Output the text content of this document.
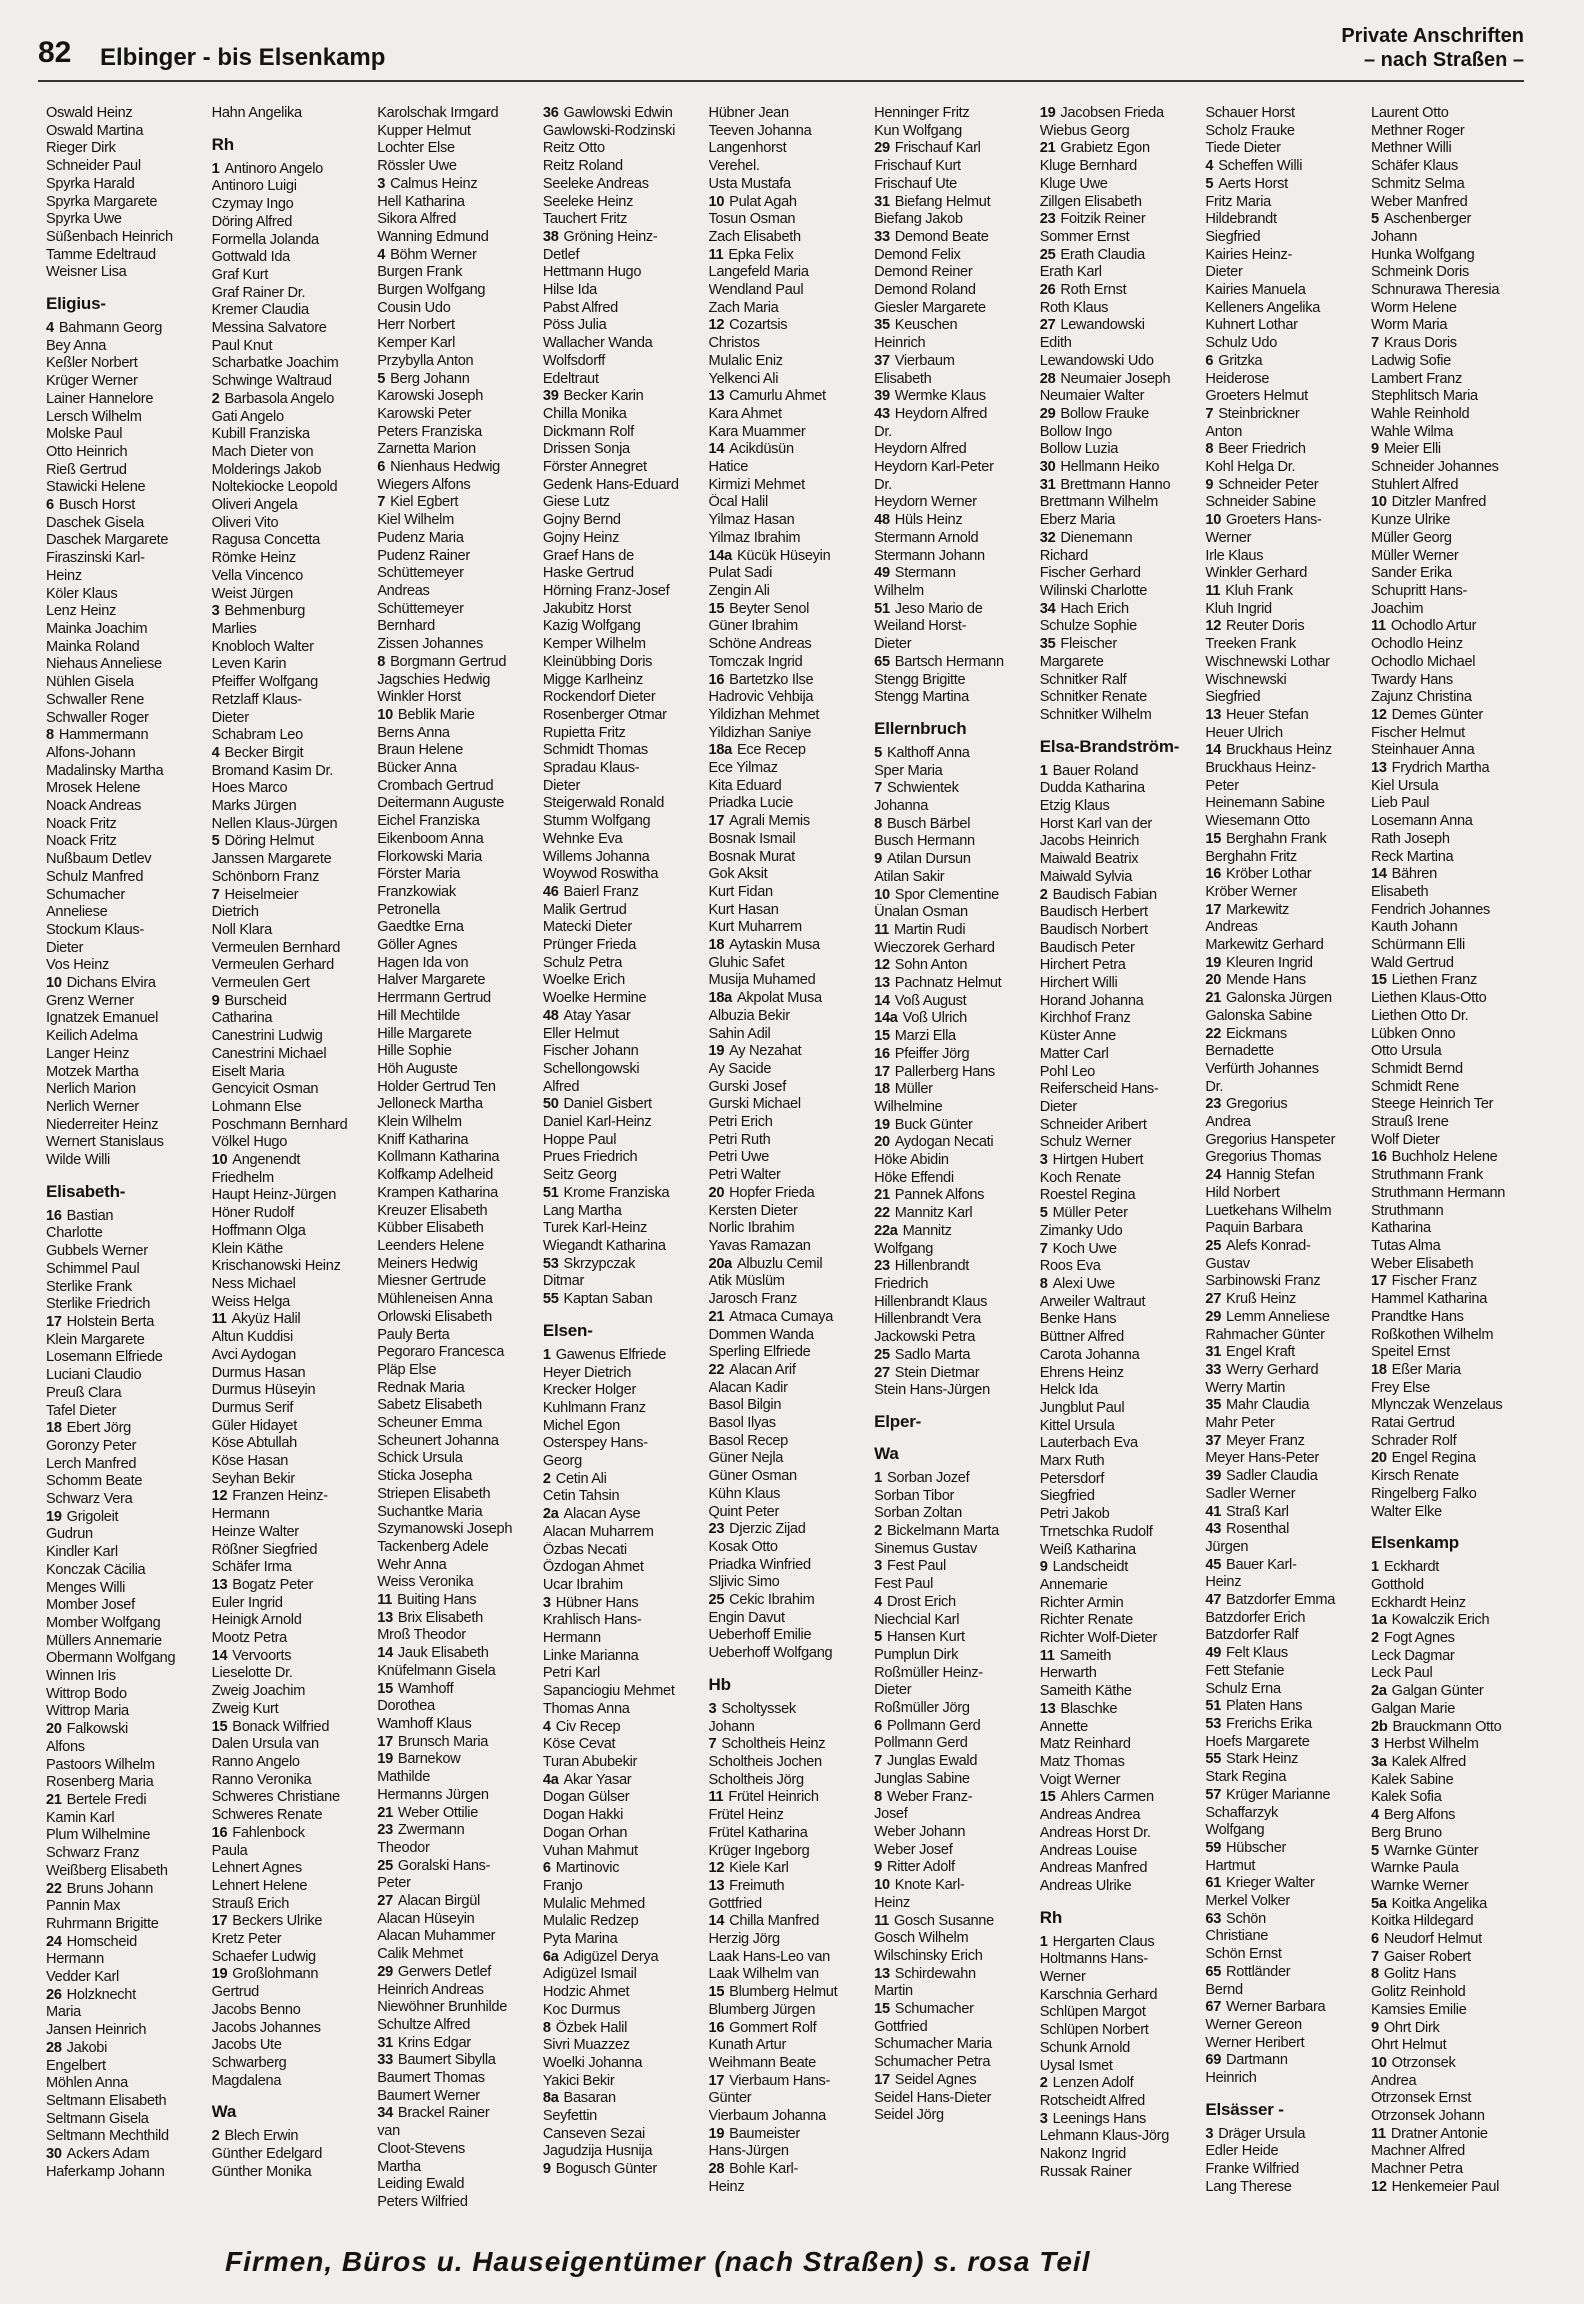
82 Elbinger - bis Elsenkamp
Private Anschriften
– nach Straßen –
Oswald Heinz
Oswald Martina
Rieger Dirk
Schneider Paul
Spyrka Harald
Spyrka Margarete
Spyrka Uwe
Süßenbach Heinrich
Tamme Edeltraud
Weisner Lisa
Eligius-
4 Bahmann Georg
Bey Anna
Keßler Norbert
Krüger Werner
Lainer Hannelore
Lersch Wilhelm
Molske Paul
Otto Heinrich
Rieß Gertrud
Stawicki Helene
6 Busch Horst
Daschek Gisela
Daschek Margarete
Firaszinski Karl-
Heinz
Köler Klaus
Lenz Heinz
Mainka Joachim
Mainka Roland
Niehaus Anneliese
Nühlen Gisela
Schwaller Rene
Schwaller Roger
8 Hammermann
Alfons-Johann
Madalinsky Martha
Mrosek Helene
Noack Andreas
Noack Fritz
Noack Fritz
Nußbaum Detlev
Schulz Manfred
Schumacher
Anneliese
Stockum Klaus-
Dieter
Vos Heinz
10 Dichans Elvira
Grenz Werner
Ignatzek Emanuel
Keilich Adelma
Langer Heinz
Motzek Martha
Nerlich Marion
Nerlich Werner
Niederreiter Heinz
Wernert Stanislaus
Wilde Willi
Elisabeth-
16 Bastian
Charlotte
Gubbels Werner
Schimmel Paul
Sterlike Frank
Sterlike Friedrich
17 Holstein Berta
Klein Margarete
Losemann Elfriede
Luciani Claudio
Preuß Clara
Tafel Dieter
18 Ebert Jörg
Goronzy Peter
Lerch Manfred
Schomm Beate
Schwarz Vera
19 Grigoleit
Gudrun
Kindler Karl
Konczak Cäcilia
Menges Willi
Momber Josef
Momber Wolfgang
Müllers Annemarie
Obermann Wolfgang
Winnen Iris
Wittrop Bodo
Wittrop Maria
20 Falkowski
Alfons
Pastoors Wilhelm
Rosenberg Maria
21 Bertele Fredi
Kamin Karl
Plum Wilhelmine
Schwarz Franz
Weißberg Elisabeth
22 Bruns Johann
Pannin Max
Ruhrmann Brigitte
24 Homscheid
Hermann
Vedder Karl
26 Holzknecht
Maria
Jansen Heinrich
28 Jakobi
Engelbert
Möhlen Anna
Seltmann Elisabeth
Seltmann Gisela
Seltmann Mechthild
30 Ackers Adam
Haferkamp Johann
Hahn Angelika
Rh
1 Antinoro Angelo
Antinoro Luigi
Czymay Ingo
Döring Alfred
Formella Jolanda
Gottwald Ida
Graf Kurt
Graf Rainer Dr.
Kremer Claudia
Messina Salvatore
Paul Knut
Scharbatke Joachim
Schwinge Waltraud
2 Barbasola Angelo
Gati Angelo
Kubill Franziska
Mach Dieter von
Molderings Jakob
Noltekiocke Leopold
Oliveri Angela
Oliveri Vito
Ragusa Concetta
Römke Heinz
Vella Vincenco
Weist Jürgen
3 Behmenburg
Marlies
Knobloch Walter
Leven Karin
Pfeiffer Wolfgang
Retzlaff Klaus-
Dieter
Schabram Leo
4 Becker Birgit
Bromand Kasim Dr.
Hoes Marco
Marks Jürgen
Nellen Klaus-Jürgen
5 Döring Helmut
Janssen Margarete
Schönborn Franz
7 Heiselmeier
Dietrich
Noll Klara
Vermeulen Bernhard
Vermeulen Gerhard
Vermeulen Gert
9 Burscheid
Catharina
Canestrini Ludwig
Canestrini Michael
Eiselt Maria
Gencyicit Osman
Lohmann Else
Poschmann Bernhard
Völkel Hugo
10 Angenendt
Friedhelm
Haupt Heinz-Jürgen
Höner Rudolf
Hoffmann Olga
Klein Käthe
Krischanowski Heinz
Ness Michael
Weiss Helga
11 Akyüz Halil
Altun Kuddisi
Avci Aydogan
Durmus Hasan
Durmus Hüseyin
Durmus Serif
Güler Hidayet
Köse Abtullah
Köse Hasan
Seyhan Bekir
12 Franzen Heinz-
Hermann
Heinze Walter
Rößner Siegfried
Schäfer Irma
13 Bogatz Peter
Euler Ingrid
Heinigk Arnold
Mootz Petra
14 Vervoorts
Lieselotte Dr.
Zweig Joachim
Zweig Kurt
15 Bonack Wilfried
Dalen Ursula van
Ranno Angelo
Ranno Veronika
Schweres Christiane
Schweres Renate
16 Fahlenbock
Paula
Lehnert Agnes
Lehnert Helene
Strauß Erich
17 Beckers Ulrike
Kretz Peter
Schaefer Ludwig
19 Großlohmann
Gertrud
Jacobs Benno
Jacobs Johannes
Jacobs Ute
Schwarberg
Magdalena
Wa
2 Blech Erwin
Günther Edelgard
Günther Monika
Karolschak Irmgard
Kupper Helmut
Lochter Else
Rössler Uwe
3 Calmus Heinz
Hell Katharina
Sikora Alfred
Wanning Edmund
4 Böhm Werner
Burgen Frank
Burgen Wolfgang
Cousin Udo
Herr Norbert
Kemper Karl
Przybylla Anton
5 Berg Johann
Karowski Joseph
Karowski Peter
Peters Franziska
Zarnetta Marion
6 Nienhaus Hedwig
Wiegers Alfons
7 Kiel Egbert
Kiel Wilhelm
Pudenz Maria
Pudenz Rainer
Schüttemeyer
Andreas
Schüttemeyer
Bernhard
Zissen Johannes
8 Borgmann Gertrud
Jagschies Hedwig
Winkler Horst
10 Beblik Marie
Berns Anna
Braun Helene
Bücker Anna
Crombach Gertrud
Deitermann Auguste
Eichel Franziska
Eikenboom Anna
Florkowski Maria
Förster Maria
Franzkowiak
Petronella
Gaedtke Erna
Göller Agnes
Hagen Ida von
Halver Margarete
Herrmann Gertrud
Hill Mechtilde
Hille Margarete
Hille Sophie
Höh Auguste
Holder Gertrud Ten
Jelloneck Martha
Klein Wilhelm
Kniff Katharina
Kollmann Katharina
Kolfkamp Adelheid
Krampen Katharina
Kreuzer Elisabeth
Kübber Elisabeth
Leenders Helene
Meiners Hedwig
Miesner Gertrude
Mühleneisen Anna
Orlowski Elisabeth
Pauly Berta
Pegoraro Francesca
Pläp Else
Rednak Maria
Sabetz Elisabeth
Scheuner Emma
Scheunert Johanna
Schick Ursula
Sticka Josepha
Striepen Elisabeth
Suchantke Maria
Szymanowski Joseph
Tackenberg Adele
Wehr Anna
Weiss Veronika
11 Buiting Hans
13 Brix Elisabeth
Mroß Theodor
14 Jauk Elisabeth
Knüfelmann Gisela
15 Wamhoff
Dorothea
Wamhoff Klaus
17 Brunsch Maria
19 Barnekow
Mathilde
Hermanns Jürgen
21 Weber Ottilie
23 Zwermann
Theodor
25 Goralski Hans-
Peter
27 Alacan Birgül
Alacan Hüseyin
Alacan Muhammer
Calik Mehmet
29 Gerwers Detlef
Heinrich Andreas
Niewöhner Brunhilde
Schultze Alfred
31 Krins Edgar
33 Baumert Sibylla
Baumert Thomas
Baumert Werner
34 Brackel Rainer
van
Cloot-Stevens
Martha
Leiding Ewald
Peters Wilfried
36 Gawlowski Edwin
Gawlowski-Rodzinski
Reitz Otto
Reitz Roland
Seeleke Andreas
Seeleke Heinz
Tauchert Fritz
38 Gröning Heinz-
Detlef
Hettmann Hugo
Hilse Ida
Pabst Alfred
Pöss Julia
Wallacher Wanda
Wolfsdorff
Edeltraut
39 Becker Karin
Chilla Monika
Dickmann Rolf
Drissen Sonja
Förster Annegret
Gedenk Hans-Eduard
Giese Lutz
Gojny Bernd
Gojny Heinz
Graef Hans de
Haske Gertrud
Hörning Franz-Josef
Jakubitz Horst
Kazig Wolfgang
Kemper Wilhelm
Kleinübbing Doris
Migge Karlheinz
Rockendorf Dieter
Rosenberger Otmar
Rupietta Fritz
Schmidt Thomas
Spradau Klaus-
Dieter
Steigerwald Ronald
Stumm Wolfgang
Wehnke Eva
Willems Johanna
Woywod Roswitha
46 Baierl Franz
Malik Gertrud
Matecki Dieter
Prünger Frieda
Schulz Petra
Woelke Erich
Woelke Hermine
48 Atay Yasar
Eller Helmut
Fischer Johann
Schellongowski
Alfred
50 Daniel Gisbert
Daniel Karl-Heinz
Hoppe Paul
Prues Friedrich
Seitz Georg
51 Krome Franziska
Lang Martha
Turek Karl-Heinz
Wiegandt Katharina
53 Skrzypczak
Ditmar
55 Kaptan Saban
Elsen-
1 Gawenus Elfriede
Heyer Dietrich
Krecker Holger
Kuhlmann Franz
Michel Egon
Osterspey Hans-
Georg
2 Cetin Ali
Cetin Tahsin
2a Alacan Ayse
Alacan Muharrem
Özbas Necati
Özdogan Ahmet
Ucar Ibrahim
3 Hübner Hans
Krahlisch Hans-
Hermann
Linke Marianna
Petri Karl
Sapanciogiu Mehmet
Thomas Anna
4 Civ Recep
Köse Cevat
Turan Abubekir
4a Akar Yasar
Dogan Gülser
Dogan Hakki
Dogan Orhan
Vuhan Mahmut
6 Martinovic
Franjo
Mulalic Mehmed
Mulalic Redzep
Pyta Marina
6a Adigüzel Derya
Adigüzel Ismail
Hodzic Ahmet
Koc Durmus
8 Özbek Halil
Sivri Muazzez
Woelki Johanna
Yakici Bekir
8a Basaran
Seyfettin
Canseven Sezai
Jagudzija Husnija
9 Bogusch Günter
Hübner Jean
Teeven Johanna
Langenhorst
Verehel.
Usta Mustafa
10 Pulat Agah
Tosun Osman
Zach Elisabeth
11 Epka Felix
Langefeld Maria
Wendland Paul
Zach Maria
12 Cozartsis
Christos
Mulalic Eniz
Yelkenci Ali
13 Camurlu Ahmet
Kara Ahmet
Kara Muammer
14 Acikdüsün
Hatice
Kirmizi Mehmet
Öcal Halil
Yilmaz Hasan
Yilmaz Ibrahim
14a Kücük Hüseyin
Pulat Sadi
Zengin Ali
15 Beyter Senol
Güner Ibrahim
Schöne Andreas
Tomczak Ingrid
16 Bartetzko Ilse
Hadrovic Vehbija
Yildizhan Mehmet
Yildizhan Saniye
18a Ece Recep
Ece Yilmaz
Kita Eduard
Priadka Lucie
17 Agrali Memis
Bosnak Ismail
Bosnak Murat
Gok Aksit
Kurt Fidan
Kurt Hasan
Kurt Muharrem
18 Aytaskin Musa
Gluhic Safet
Musija Muhamed
18a Akpolat Musa
Albuzia Bekir
Sahin Adil
19 Ay Nezahat
Ay Sacide
Gurski Josef
Gurski Michael
Petri Erich
Petri Ruth
Petri Uwe
Petri Walter
20 Hopfer Frieda
Kersten Dieter
Norlic Ibrahim
Yavas Ramazan
20a Albuzlu Cemil
Atik Müslüm
Jarosch Franz
21 Atmaca Cumaya
Dommen Wanda
Sperling Elfriede
22 Alacan Arif
Alacan Kadir
Basol Bilgin
Basol Ilyas
Basol Recep
Güner Nejla
Güner Osman
Kühn Klaus
Quint Peter
23 Djerzic Zijad
Kosak Otto
Priadka Winfried
Sljivic Simo
25 Cekic Ibrahim
Engin Davut
Ueberhoff Emilie
Ueberhoff Wolfgang
Hb
3 Scholtyssek
Johann
7 Scholtheis Heinz
Scholtheis Jochen
Scholtheis Jörg
11 Frütel Heinrich
Frütel Heinz
Frütel Katharina
Krüger Ingeborg
12 Kiele Karl
13 Freimuth
Gottfried
14 Chilla Manfred
Herzig Jörg
Laak Hans-Leo van
Laak Wilhelm van
15 Blumberg Helmut
Blumberg Jürgen
16 Gommert Rolf
Kunath Artur
Weihmann Beate
17 Vierbaum Hans-
Günter
Vierbaum Johanna
19 Baumeister
Hans-Jürgen
28 Bohle Karl-
Heinz
Henninger Fritz
Kun Wolfgang
29 Frischauf Karl
Frischauf Kurt
Frischauf Ute
31 Biefang Helmut
Biefang Jakob
33 Demond Beate
Demond Felix
Demond Reiner
Demond Roland
Giesler Margarete
35 Keuschen
Heinrich
37 Vierbaum
Elisabeth
39 Wermke Klaus
43 Heydorn Alfred
Dr.
Heydorn Alfred
Heydorn Karl-Peter
Dr.
Heydorn Werner
48 Hüls Heinz
Stermann Arnold
Stermann Johann
49 Stermann
Wilhelm
51 Jeso Mario de
Weiland Horst-
Dieter
65 Bartsch Hermann
Stengg Brigitte
Stengg Martina
Ellernbruch
5 Kalthoff Anna
Sper Maria
7 Schwientek
Johanna
8 Busch Bärbel
Busch Hermann
9 Atilan Dursun
Atilan Sakir
10 Spor Clementine
Ünalan Osman
11 Martin Rudi
Wieczorek Gerhard
12 Sohn Anton
13 Pachnatz Helmut
14 Voß August
14a Voß Ulrich
15 Marzi Ella
16 Pfeiffer Jörg
17 Pallerberg Hans
18 Müller
Wilhelmine
19 Buck Günter
20 Aydogan Necati
Höke Abidin
Höke Effendi
21 Pannek Alfons
22 Mannitz Karl
22a Mannitz
Wolfgang
23 Hillenbrandt
Friedrich
Hillenbrandt Klaus
Hillenbrandt Vera
Jackowski Petra
25 Sadlo Marta
27 Stein Dietmar
Stein Hans-Jürgen
Elper-
Wa
1 Sorban Jozef
Sorban Tibor
Sorban Zoltan
2 Bickelmann Marta
Sinemus Gustav
3 Fest Paul
Fest Paul
4 Drost Erich
Niechcial Karl
5 Hansen Kurt
Pumplun Dirk
Roßmüller Heinz-
Dieter
Roßmüller Jörg
6 Pollmann Gerd
Pollmann Gerd
7 Junglas Ewald
Junglas Sabine
8 Weber Franz-
Josef
Weber Johann
Weber Josef
9 Ritter Adolf
10 Knote Karl-
Heinz
11 Gosch Susanne
Gosch Wilhelm
Wilschinsky Erich
13 Schirdewahn
Martin
15 Schumacher
Gottfried
Schumacher Maria
Schumacher Petra
17 Seidel Agnes
Seidel Hans-Dieter
Seidel Jörg
19 Jacobsen Frieda
Wiebus Georg
21 Grabietz Egon
Kluge Bernhard
Kluge Uwe
Zillgen Elisabeth
23 Foitzik Reiner
Sommer Ernst
25 Erath Claudia
Erath Karl
26 Roth Ernst
Roth Klaus
27 Lewandowski
Edith
Lewandowski Udo
28 Neumaier Joseph
Neumaier Walter
29 Bollow Frauke
Bollow Ingo
Bollow Luzia
30 Hellmann Heiko
31 Brettmann Hanno
Brettmann Wilhelm
Eberz Maria
32 Dienemann
Richard
Fischer Gerhard
Wilinski Charlotte
34 Hach Erich
Schulze Sophie
35 Fleischer
Margarete
Schnitker Ralf
Schnitker Renate
Schnitker Wilhelm
Elsa-Brandström-
1 Bauer Roland
Dudda Katharina
Etzig Klaus
Horst Karl van der
Jacobs Heinrich
Maiwald Beatrix
Maiwald Sylvia
2 Baudisch Fabian
Baudisch Herbert
Baudisch Norbert
Baudisch Peter
Hirchert Petra
Hirchert Willi
Horand Johanna
Kirchhof Franz
Küster Anne
Matter Carl
Pohl Leo
Reiferscheid Hans-
Dieter
Schneider Aribert
Schulz Werner
3 Hirtgen Hubert
Koch Renate
Roestel Regina
5 Müller Peter
Zimanky Udo
7 Koch Uwe
Roos Eva
8 Alexi Uwe
Arweiler Waltraut
Benke Hans
Büttner Alfred
Carota Johanna
Ehrens Heinz
Helck Ida
Jungblut Paul
Kittel Ursula
Lauterbach Eva
Marx Ruth
Petersdorf
Siegfried
Petri Jakob
Trnetschka Rudolf
Weiß Katharina
9 Landscheidt
Annemarie
Richter Armin
Richter Renate
Richter Wolf-Dieter
11 Sameith
Herwarth
Sameith Käthe
13 Blaschke
Annette
Matz Reinhard
Matz Thomas
Voigt Werner
15 Ahlers Carmen
Andreas Andrea
Andreas Horst Dr.
Andreas Louise
Andreas Manfred
Andreas Ulrike
Rh
1 Hergarten Claus
Holtmanns Hans-
Werner
Karschnia Gerhard
Schlüpen Margot
Schlüpen Norbert
Schunk Arnold
Uysal Ismet
2 Lenzen Adolf
Rotscheidt Alfred
3 Leenings Hans
Lehmann Klaus-Jörg
Nakonz Ingrid
Russak Rainer
Schauer Horst
Scholz Frauke
Tiede Dieter
4 Scheffen Willi
5 Aerts Horst
Fritz Maria
Hildebrandt
Siegfried
Kairies Heinz-
Dieter
Kairies Manuela
Kelleners Angelika
Kuhnert Lothar
Schulz Udo
6 Gritzka
Heiderose
Groeters Helmut
7 Steinbrickner
Anton
8 Beer Friedrich
Kohl Helga Dr.
9 Schneider Peter
Schneider Sabine
10 Groeters Hans-
Werner
Irle Klaus
Winkler Gerhard
11 Kluh Frank
Kluh Ingrid
12 Reuter Doris
Treeken Frank
Wischnewski Lothar
Wischnewski
Siegfried
13 Heuer Stefan
Heuer Ulrich
14 Bruckhaus Heinz
Bruckhaus Heinz-
Peter
Heinemann Sabine
Wiesemann Otto
15 Berghahn Frank
Berghahn Fritz
16 Kröber Lothar
Kröber Werner
17 Markewitz
Andreas
Markewitz Gerhard
19 Kleuren Ingrid
20 Mende Hans
21 Galonska Jürgen
Galonska Sabine
22 Eickmans
Bernadette
Verfürth Johannes
Dr.
23 Gregorius
Andrea
Gregorius Hanspeter
Gregorius Thomas
24 Hannig Stefan
Hild Norbert
Luetkehans Wilhelm
Paquin Barbara
25 Alefs Konrad-
Gustav
Sarbinowski Franz
27 Kruß Heinz
29 Lemm Anneliese
Rahmacher Günter
31 Engel Kraft
33 Werry Gerhard
Werry Martin
35 Mahr Claudia
Mahr Peter
37 Meyer Franz
Meyer Hans-Peter
39 Sadler Claudia
Sadler Werner
41 Straß Karl
43 Rosenthal
Jürgen
45 Bauer Karl-
Heinz
47 Batzdorfer Emma
Batzdorfer Erich
Batzdorfer Ralf
49 Felt Klaus
Fett Stefanie
Schulz Erna
51 Platen Hans
53 Frerichs Erika
Hoefs Margarete
55 Stark Heinz
Stark Regina
57 Krüger Marianne
Schaffarzyk
Wolfgang
59 Hübscher
Hartmut
61 Krieger Walter
Merkel Volker
63 Schön
Christiane
Schön Ernst
65 Rottländer
Bernd
67 Werner Barbara
Werner Gereon
Werner Heribert
69 Dartmann
Heinrich
Elsässer -
3 Dräger Ursula
Edler Heide
Franke Wilfried
Lang Therese
Laurent Otto
Methner Roger
Methner Willi
Schäfer Klaus
Schmitz Selma
Weber Manfred
5 Aschenberger
Johann
Hunka Wolfgang
Schmeink Doris
Schnurawa Theresia
Worm Helene
Worm Maria
7 Kraus Doris
Ladwig Sofie
Lambert Franz
Stephlitsch Maria
Wahle Reinhold
Wahle Wilma
9 Meier Elli
Schneider Johannes
Stuhlert Alfred
10 Ditzler Manfred
Kunze Ulrike
Müller Georg
Müller Werner
Sander Erika
Schupritt Hans-
Joachim
11 Ochodlo Artur
Ochodlo Heinz
Ochodlo Michael
Twardy Hans
Zajunz Christina
12 Demes Günter
Fischer Helmut
Steinhauer Anna
13 Frydrich Martha
Kiel Ursula
Lieb Paul
Losemann Anna
Rath Joseph
Reck Martina
14 Bähren
Elisabeth
Fendrich Johannes
Kauth Johann
Schürmann Elli
Wald Gertrud
15 Liethen Franz
Liethen Klaus-Otto
Liethen Otto Dr.
Lübken Onno
Otto Ursula
Schmidt Bernd
Schmidt Rene
Steege Heinrich Ter
Strauß Irene
Wolf Dieter
16 Buchholz Helene
Struthmann Frank
Struthmann Hermann
Struthmann
Katharina
Tutas Alma
Weber Elisabeth
17 Fischer Franz
Hammel Katharina
Prandtke Hans
Roßkothen Wilhelm
Speitel Ernst
18 Eßer Maria
Frey Else
Mlynczak Wenzelaus
Ratai Gertrud
Schrader Rolf
20 Engel Regina
Kirsch Renate
Ringelberg Falko
Walter Elke
Elsenkamp
1 Eckhardt
Gotthold
Eckhardt Heinz
1a Kowalczik Erich
2 Fogt Agnes
Leck Dagmar
Leck Paul
2a Galgan Günter
Galgan Marie
2b Brauckmann Otto
3 Herbst Wilhelm
3a Kalek Alfred
Kalek Sabine
Kalek Sofia
4 Berg Alfons
Berg Bruno
5 Warnke Günter
Warnke Paula
Warnke Werner
5a Koitka Angelika
Koitka Hildegard
6 Neudorf Helmut
7 Gaiser Robert
8 Golitz Hans
Golitz Reinhold
Kamsies Emilie
9 Ohrt Dirk
Ohrt Helmut
10 Otrzonsek
Andrea
Otrzonsek Ernst
Otrzonsek Johann
11 Dratner Antonie
Machner Alfred
Machner Petra
12 Henkemeier Paul
Firmen, Büros u. Hauseigentümer (nach Straßen) s. rosa Teil
